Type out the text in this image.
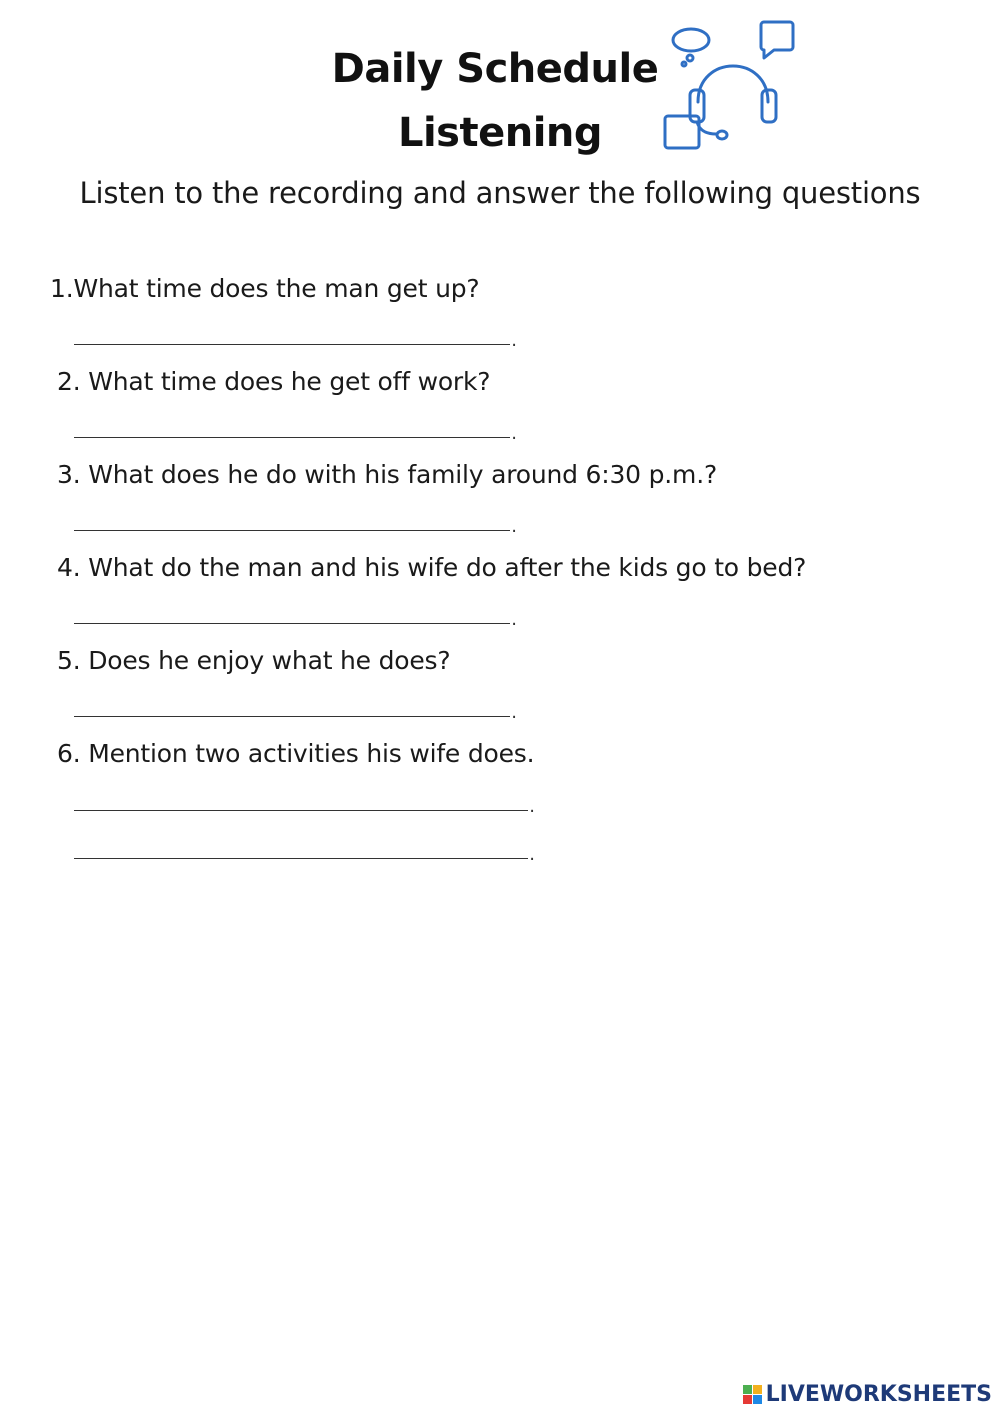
Daily Schedule
Listening
Listen to the recording and answer the following questions
1.What time does the man get up?
.
2. What time does he get off work?
.
3. What does he do with his family around 6:30 p.m.?
.
4. What do the man and his wife do after the kids go to bed?
.
5. Does he enjoy what he does?
.
6. Mention two activities his wife does.
.
.
LIVEWORKSHEETS
